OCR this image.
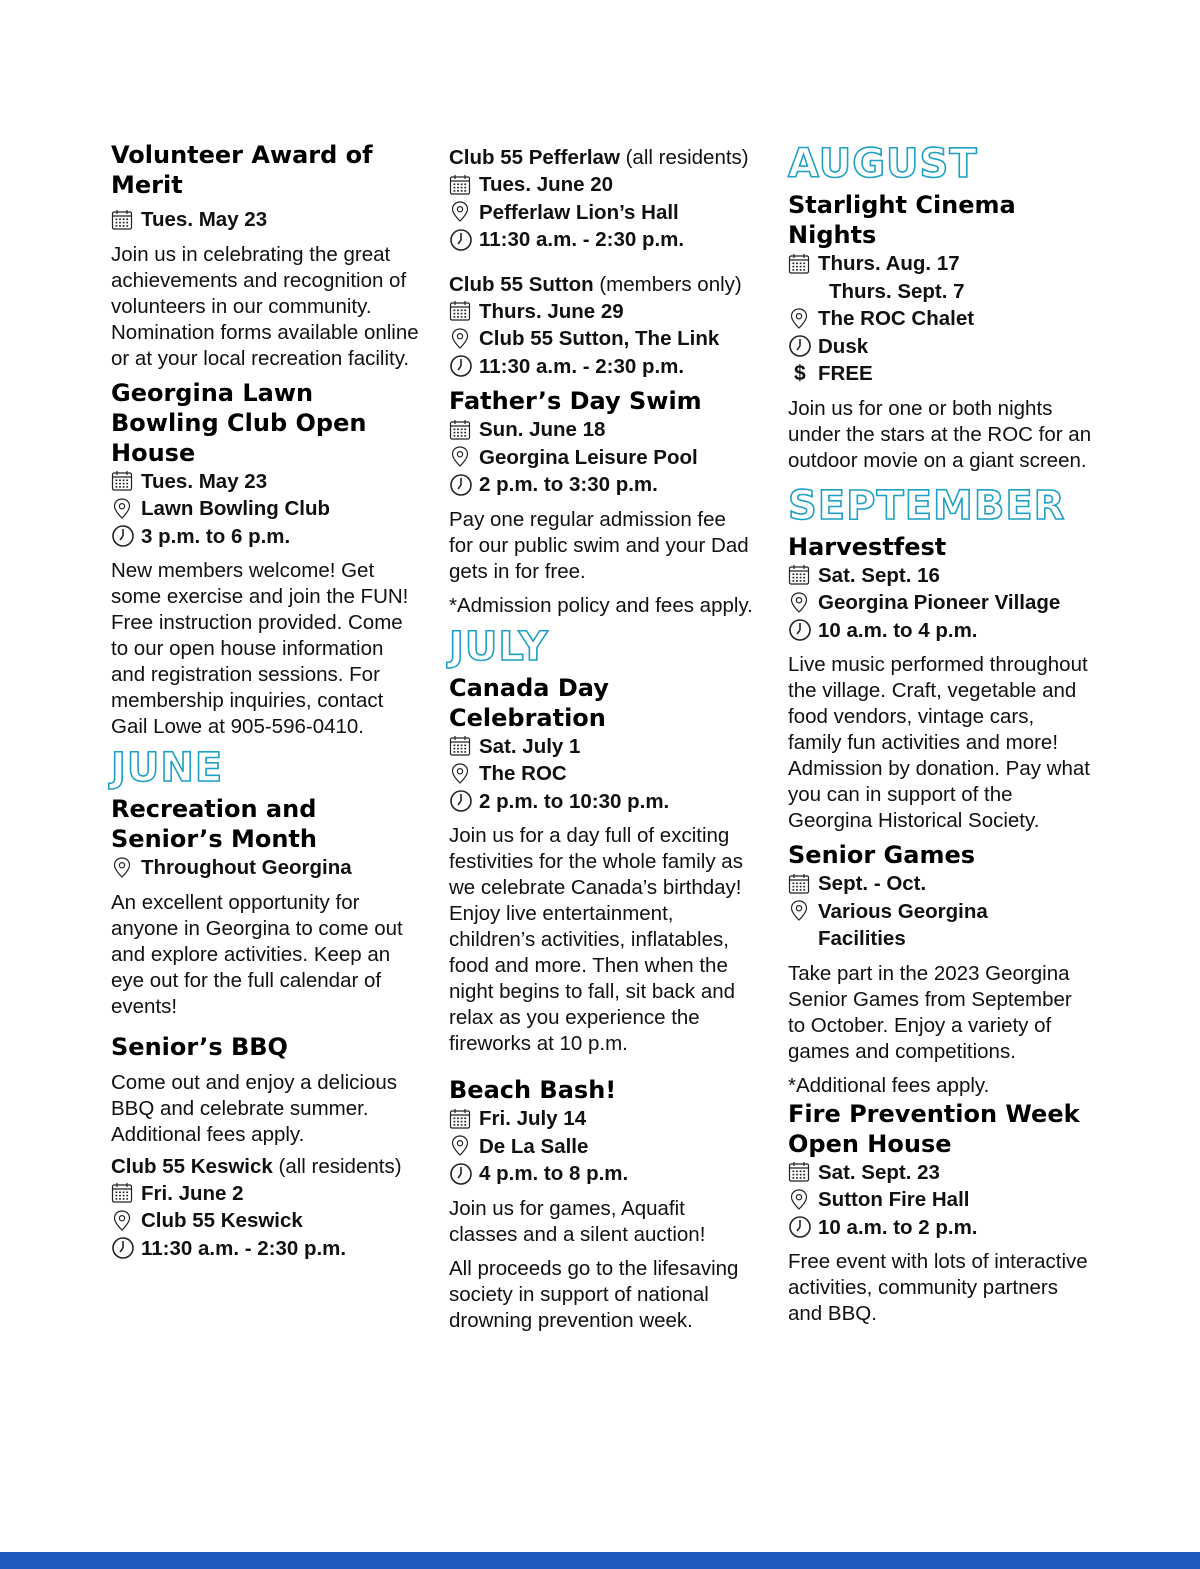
Volunteer Award of Merit
Tues. May 23

Join us in celebrating the great achievements and recognition of volunteers in our community. Nomination forms available online or at your local recreation facility.

Georgina Lawn Bowling Club Open House
Tues. May 23
Lawn Bowling Club
3 p.m. to 6 p.m.

New members welcome! Get some exercise and join the FUN! Free instruction provided. Come to our open house information and registration sessions. For membership inquiries, contact Gail Lowe at 905-596-0410.

JUNE
Recreation and Senior’s Month
Throughout Georgina

An excellent opportunity for anyone in Georgina to come out and explore activities. Keep an eye out for the full calendar of events!

Senior’s BBQ

Come out and enjoy a delicious BBQ and celebrate summer. Additional fees apply.

Club 55 Keswick (all residents)

Fri. June 2
Club 55 Keswick
11:30 a.m. - 2:30 p.m.

Club 55 Pefferlaw (all residents)

Tues. June 20
Pefferlaw Lion’s Hall
11:30 a.m. - 2:30 p.m.

Club 55 Sutton (members only)

Thurs. June 29
Club 55 Sutton, The Link
11:30 a.m. - 2:30 p.m.
Father’s Day Swim
Sun. June 18
Georgina Leisure Pool
2 p.m. to 3:30 p.m.

Pay one regular admission fee for our public swim and your Dad gets in for free.

*Admission policy and fees apply.

JULY
Canada Day Celebration
Sat. July 1
The ROC
2 p.m. to 10:30 p.m.

Join us for a day full of exciting festivities for the whole family as we celebrate Canada’s birthday! Enjoy live entertainment, children’s activities, inflatables, food and more. Then when the night begins to fall, sit back and relax as you experience the fireworks at 10 p.m.

Beach Bash!
Fri. July 14
De La Salle
4 p.m. to 8 p.m.

Join us for games, Aquafit classes and a silent auction!

All proceeds go to the lifesaving society in support of national drowning prevention week.

AUGUST
Starlight Cinema Nights
Thurs. Aug. 17
Thurs. Sept. 7
The ROC Chalet
Dusk
$ FREE

Join us for one or both nights under the stars at the ROC for an outdoor movie on a giant screen.

SEPTEMBER
Harvestfest
Sat. Sept. 16
Georgina Pioneer Village
10 a.m. to 4 p.m.

Live music performed throughout the village. Craft, vegetable and food vendors, vintage cars, family fun activities and more! Admission by donation. Pay what you can in support of the Georgina Historical Society.

Senior Games
Sept. - Oct.
Various Georgina
Facilities

Take part in the 2023 Georgina Senior Games from September to October. Enjoy a variety of games and competitions.

*Additional fees apply.

Fire Prevention Week Open House
Sat. Sept. 23
Sutton Fire Hall
10 a.m. to 2 p.m.

Free event with lots of interactive activities, community partners and BBQ.
